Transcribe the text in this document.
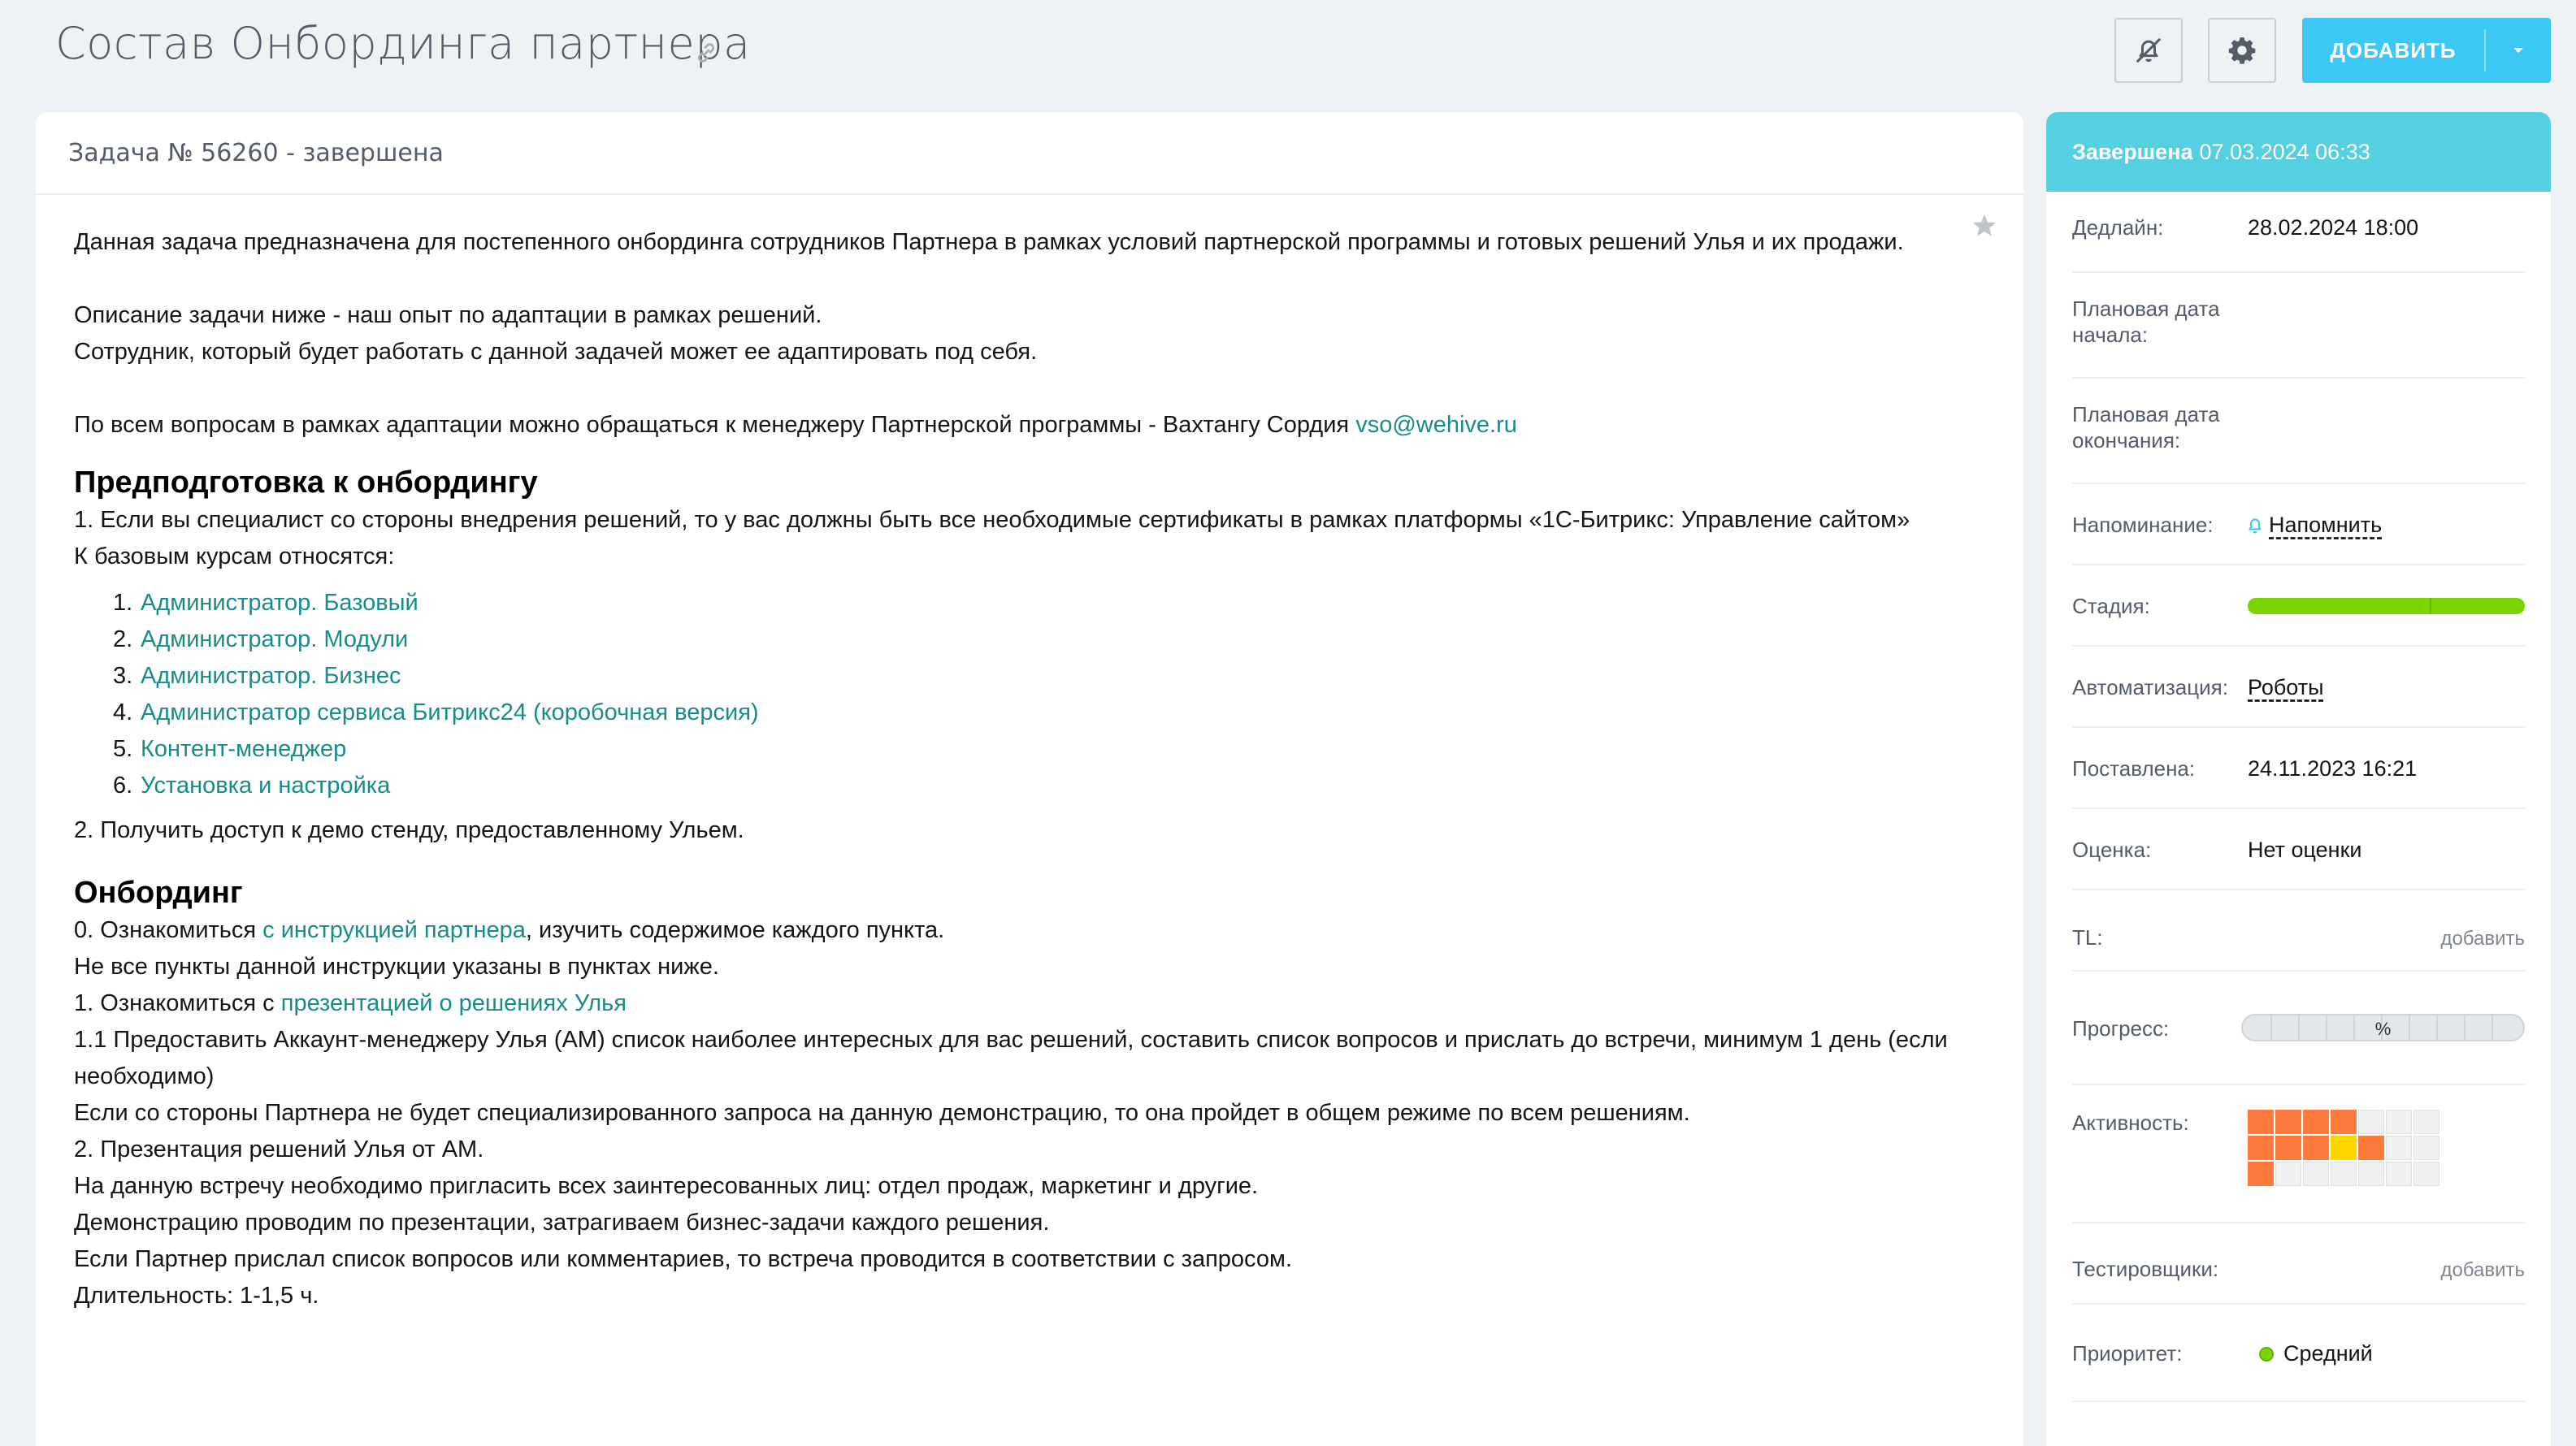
Состав Онбординга партнера	ДОБАВИТЬ
Задача № 56260 - завершена

Данная задача предназначена для постепенного онбординга сотрудников Партнера в рамках условий партнерской программы и готовых решений Улья и их продажи.

Описание задачи ниже - наш опыт по адаптации в рамках решений.

Сотрудник, который будет работать с данной задачей может ее адаптировать под себя.

По всем вопросам в рамках адаптации можно обращаться к менеджеру Партнерской программы - Вахтангу Сордия vso@wehive.ru

Предподготовка к онбордингу

1. Если вы специалист со стороны внедрения решений, то у вас должны быть все необходимые сертификаты в рамках платформы «1С-Битрикс: Управление сайтом»

К базовым курсам относятся:

1. Администратор. Базовый
2. Администратор. Модули
3. Администратор. Бизнес
4. Администратор сервиса Битрикс24 (коробочная версия)
5. Контент-менеджер
6. Установка и настройка

2. Получить доступ к демо стенду, предоставленному Ульем.

Онбординг

0. Ознакомиться с инструкцией партнера, изучить содержимое каждого пункта.

Не все пункты данной инструкции указаны в пунктах ниже.

1. Ознакомиться с презентацией о решениях Улья

1.1 Предоставить Аккаунт-менеджеру Улья (АМ) список наиболее интересных для вас решений, составить список вопросов и прислать до встречи, минимум 1 день (если необходимо)

Если со стороны Партнера не будет специализированного запроса на данную демонстрацию, то она пройдет в общем режиме по всем решениям.

2. Презентация решений Улья от АМ.

На данную встречу необходимо пригласить всех заинтересованных лиц: отдел продаж, маркетинг и другие.

Демонстрацию проводим по презентации, затрагиваем бизнес-задачи каждого решения.

Если Партнер прислал список вопросов или комментариев, то встреча проводится в соответствии с запросом.

Длительность: 1-1,5 ч.

Завершена 07.03.2024 06:33
Дедлайн:	28.02.2024 18:00
Плановая дата
начала:
Плановая дата
окончания:
Напоминание:	Напомнить
Стадия:
Автоматизация: Роботы
Поставлена: 24.11.2023 16:21
Оценка:	Нет оценки
TL:	добавить
Прогресс:	%
Активность:
Тестировщики:	добавить
Приоритет:	Средний
